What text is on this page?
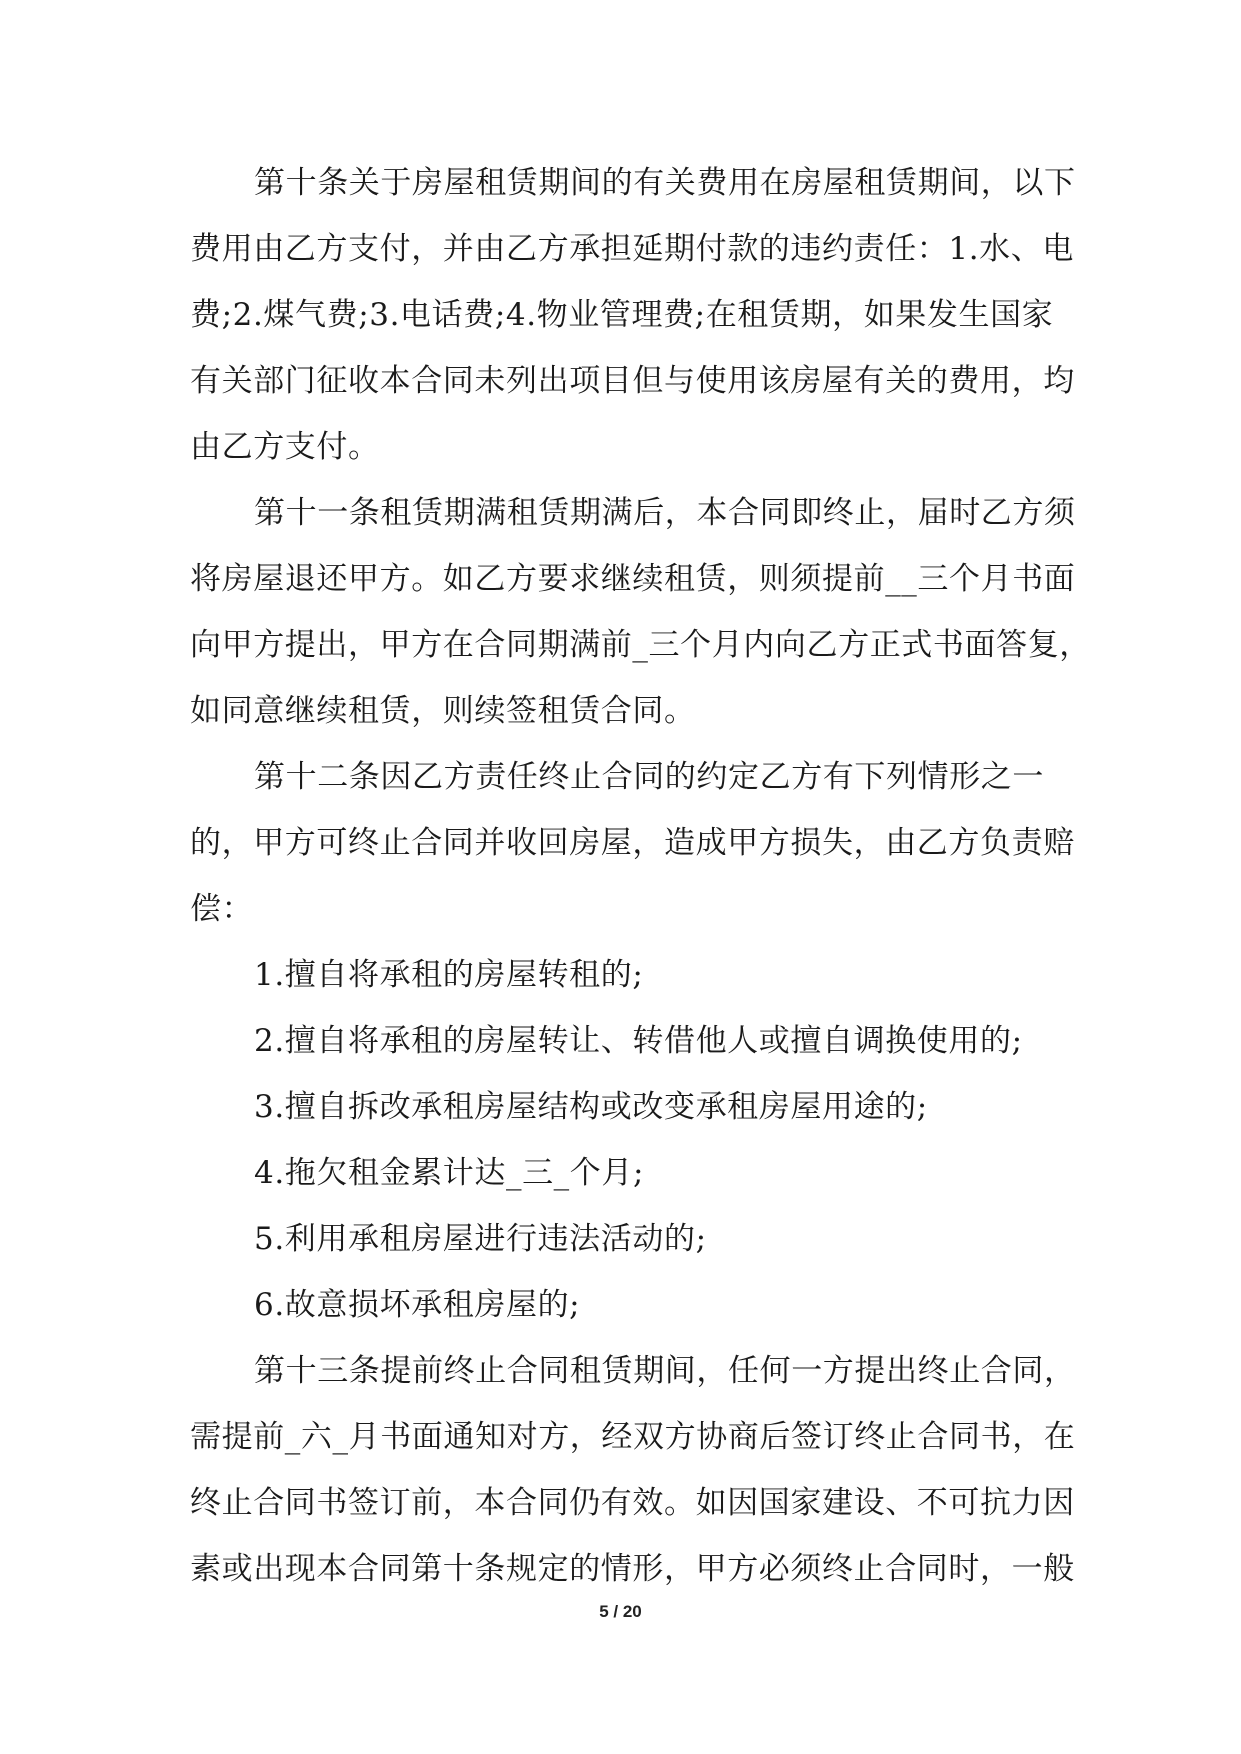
第十条关于房屋租赁期间的有关费用在房屋租赁期间，以下
费用由乙方支付，并由乙方承担延期付款的违约责任：1.水、电
费;2.煤气费;3.电话费;4.物业管理费;在租赁期，如果发生国家
有关部门征收本合同未列出项目但与使用该房屋有关的费用，均
由乙方支付。
第十一条租赁期满租赁期满后，本合同即终止，届时乙方须
将房屋退还甲方。如乙方要求继续租赁，则须提前__三个月书面
向甲方提出，甲方在合同期满前_三个月内向乙方正式书面答复，
如同意继续租赁，则续签租赁合同。
第十二条因乙方责任终止合同的约定乙方有下列情形之一
的，甲方可终止合同并收回房屋，造成甲方损失，由乙方负责赔
偿：
1.擅自将承租的房屋转租的;
2.擅自将承租的房屋转让、转借他人或擅自调换使用的;
3.擅自拆改承租房屋结构或改变承租房屋用途的;
4.拖欠租金累计达_三_个月;
5.利用承租房屋进行违法活动的;
6.故意损坏承租房屋的;
第十三条提前终止合同租赁期间，任何一方提出终止合同，
需提前_六_月书面通知对方，经双方协商后签订终止合同书，在
终止合同书签订前，本合同仍有效。如因国家建设、不可抗力因
素或出现本合同第十条规定的情形，甲方必须终止合同时，一般
5 / 20
